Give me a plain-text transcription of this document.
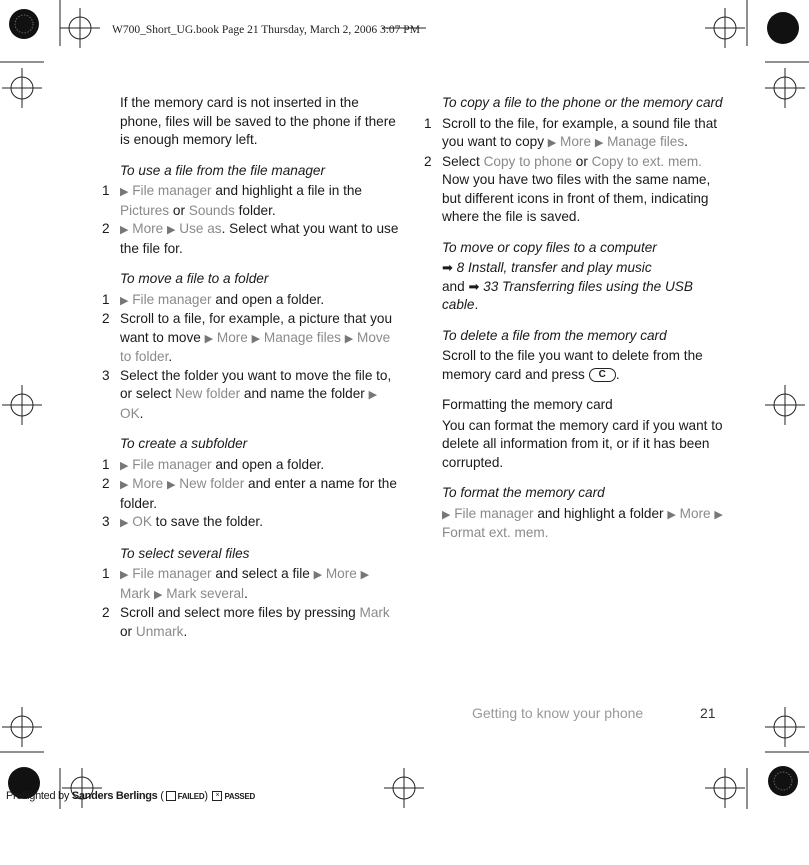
W700_Short_UG.book Page 21 Thursday, March 2, 2006 3:07 PM

If the memory card is not inserted in the phone, files will be saved to the phone if there is enough memory left.

To use a file from the file manager

1 ▶ File manager and highlight a file in the Pictures or Sounds folder.
2 ▶ More ▶ Use as. Select what you want to use the file for.

To move a file to a folder

1 ▶ File manager and open a folder.
2 Scroll to a file, for example, a picture that you want to move ▶ More ▶ Manage files ▶ Move to folder.
3 Select the folder you want to move the file to, or select New folder and name the folder ▶ OK.

To create a subfolder

1 ▶ File manager and open a folder.
2 ▶ More ▶ New folder and enter a name for the folder.
3 ▶ OK to save the folder.

To select several files

1 ▶ File manager and select a file ▶ More ▶ Mark ▶ Mark several.
2 Scroll and select more files by pressing Mark or Unmark.

To copy a file to the phone or the memory card

1 Scroll to the file, for example, a sound file that you want to copy ▶ More ▶ Manage files.
2 Select Copy to phone or Copy to ext. mem. Now you have two files with the same name, but different icons in front of them, indicating where the file is saved.

To move or copy files to a computer

➡ 8 Install, transfer and play music
and ➡ 33 Transferring files using the USB cable.

To delete a file from the memory card

Scroll to the file you want to delete from the memory card and press C .

Formatting the memory card

You can format the memory card if you want to delete all information from it, or if it has been corrupted.

To format the memory card

▶ File manager and highlight a folder ▶ More ▶ Format ext. mem.

Getting to know your phone	21
Preflighted by Sanders Berlings ( FAILED) × PASSED
